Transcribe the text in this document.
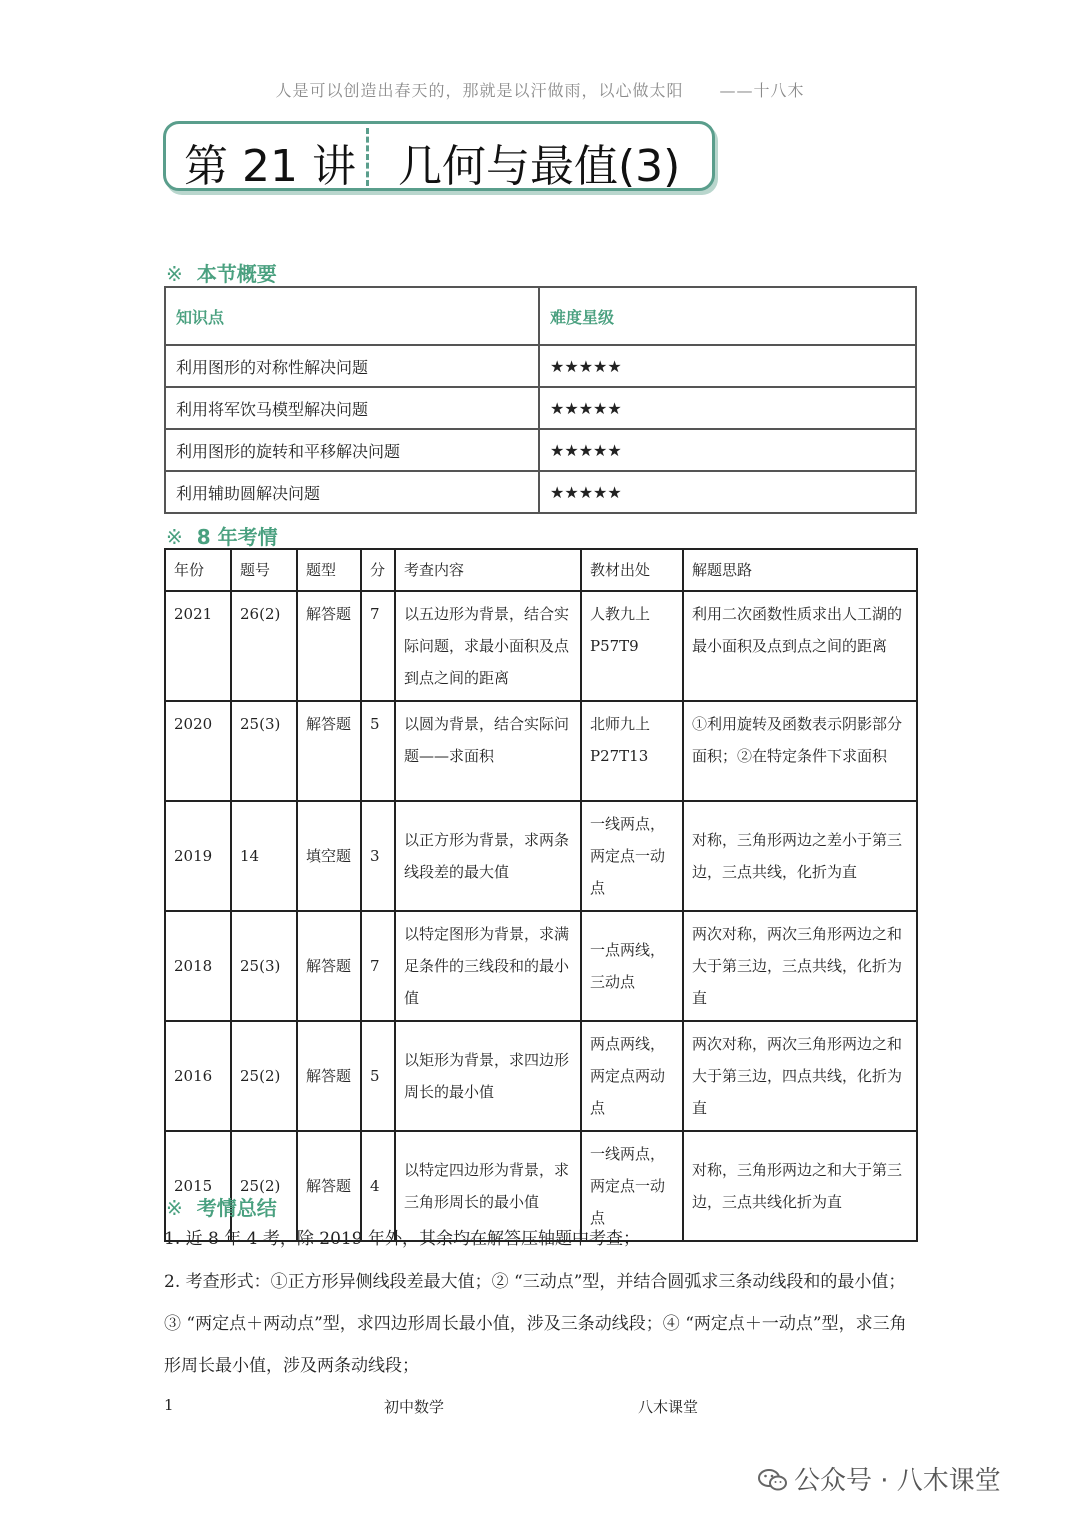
人是可以创造出春天的，那就是以汗做雨，以心做太阳 ——十八木
第 21 讲 几何与最值(3)
※ 本节概要
知识点	难度星级
利用图形的对称性解决问题	★★★★★
利用将军饮马模型解决问题	★★★★★
利用图形的旋转和平移解决问题	★★★★★
利用辅助圆解决问题	★★★★★
※ 8 年考情
年份	题号	题型	分	考查内容	教材出处	解题思路
2021	26(2)	解答题	7	以五边形为背景，结合实际问题，求最小面积及点到点之间的距离	人教九上 P57T9	利用二次函数性质求出人工湖的最小面积及点到点之间的距离
2020	25(3)	解答题	5	以圆为背景，结合实际问题——求面积	北师九上 P27T13	①利用旋转及函数表示阴影部分面积；②在特定条件下求面积
2019	14	填空题	3	以正方形为背景，求两条线段差的最大值	一线两点，两定点一动点	对称，三角形两边之差小于第三边，三点共线，化折为直
2018	25(3)	解答题	7	以特定图形为背景，求满足条件的三线段和的最小值	一点两线，三动点	两次对称，两次三角形两边之和大于第三边，三点共线，化折为直
2016	25(2)	解答题	5	以矩形为背景，求四边形周长的最小值	两点两线，两定点两动点	两次对称，两次三角形两边之和大于第三边，四点共线，化折为直
2015	25(2)	解答题	4	以特定四边形为背景，求三角形周长的最小值	一线两点，两定点一动点	对称，三角形两边之和大于第三边，三点共线化折为直
※ 考情总结
1. 近 8 年 4 考，除 2019 年外，其余均在解答压轴题中考查；
2. 考查形式：①正方形异侧线段差最大值；② “三动点”型，并结合圆弧求三条动线段和的最小值；③ “两定点＋两动点”型，求四边形周长最小值，涉及三条动线段；④ “两定点＋一动点”型，求三角形周长最小值，涉及两条动线段；
1	初中数学	八木课堂
公众号 · 八木课堂
